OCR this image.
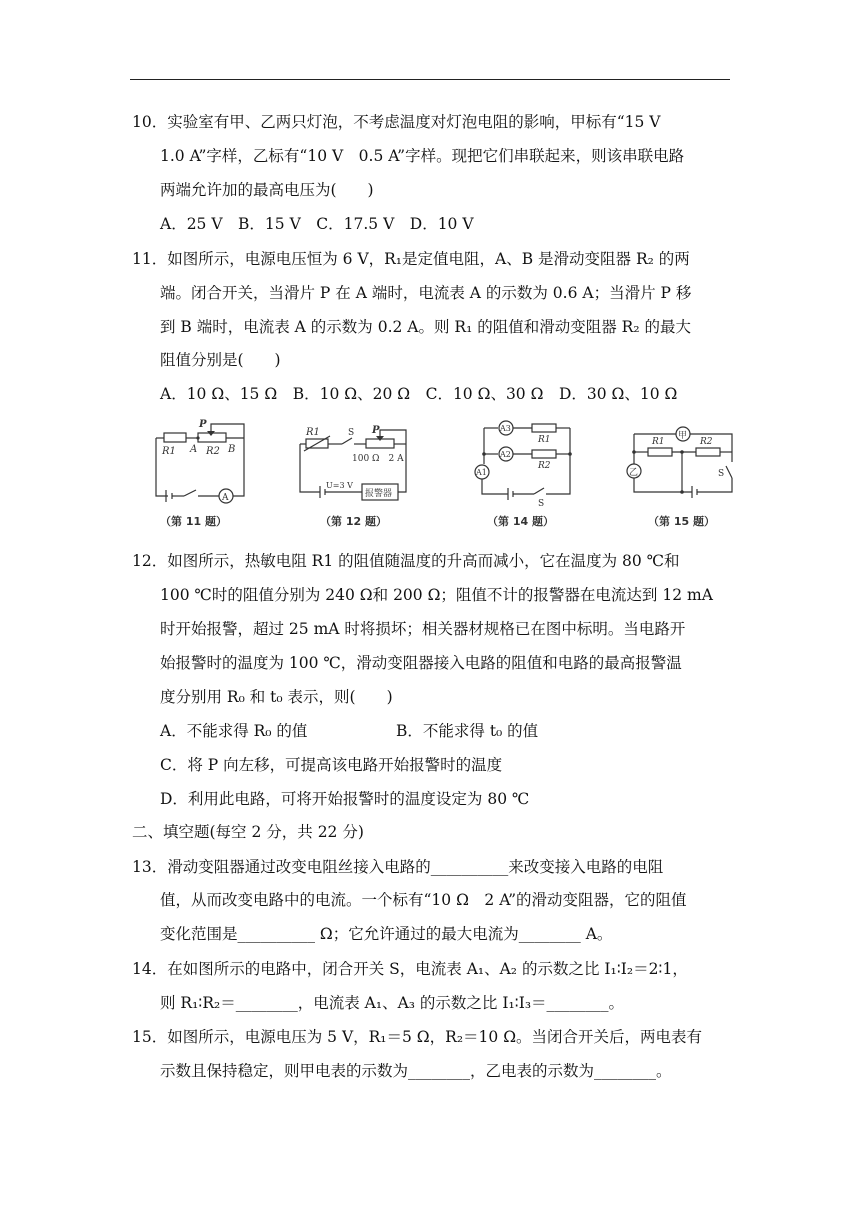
10．实验室有甲、乙两只灯泡，不考虑温度对灯泡电阻的影响，甲标有“15 V
1.0 A”字样，乙标有“10 V　0.5 A”字样。现把它们串联起来，则该串联电路
两端允许加的最高电压为(　　)
A．25 V　B．15 V　C．17.5 V　D．10 V
11．如图所示，电源电压恒为 6 V，R₁是定值电阻，A、B 是滑动变阻器 R₂ 的两
端。闭合开关，当滑片 P 在 A 端时，电流表 A 的示数为 0.6 A；当滑片 P 移
到 B 端时，电流表 A 的示数为 0.2 A。则 R₁ 的阻值和滑动变阻器 R₂ 的最大
阻值分别是(　　)
A．10 Ω、15 Ω　B．10 Ω、20 Ω　C．10 Ω、30 Ω　D．30 Ω、10 Ω
P
R1 A R2 B
A
（第 11 题）
R1	S P
100 Ω　2 A
U=3 V
报警器
（第 12 题）
A3
R1
A2
R2
A1
S
（第 14 题）
甲
R1	R2
乙	S
（第 15 题）
12．如图所示，热敏电阻 R1 的阻值随温度的升高而减小，它在温度为 80 ℃和
100 ℃时的阻值分别为 240 Ω和 200 Ω；阻值不计的报警器在电流达到 12 mA
时开始报警，超过 25 mA 时将损坏；相关器材规格已在图中标明。当电路开
始报警时的温度为 100 ℃，滑动变阻器接入电路的阻值和电路的最高报警温
度分别用 R₀ 和 t₀ 表示，则(　　)
A．不能求得 R₀ 的值	B．不能求得 t₀ 的值
C．将 P 向左移，可提高该电路开始报警时的温度
D．利用此电路，可将开始报警时的温度设定为 80 ℃
二、填空题(每空 2 分，共 22 分)
13．滑动变阻器通过改变电阻丝接入电路的__________来改变接入电路的电阻
值，从而改变电路中的电流。一个标有“10 Ω　2 A”的滑动变阻器，它的阻值
变化范围是__________ Ω；它允许通过的最大电流为________ A。
14．在如图所示的电路中，闭合开关 S，电流表 A₁、A₂ 的示数之比 I₁∶I₂＝2∶1，
则 R₁∶R₂＝________，电流表 A₁、A₃ 的示数之比 I₁∶I₃＝________。
15．如图所示，电源电压为 5 V，R₁＝5 Ω，R₂＝10 Ω。当闭合开关后，两电表有
示数且保持稳定，则甲电表的示数为________，乙电表的示数为________。
